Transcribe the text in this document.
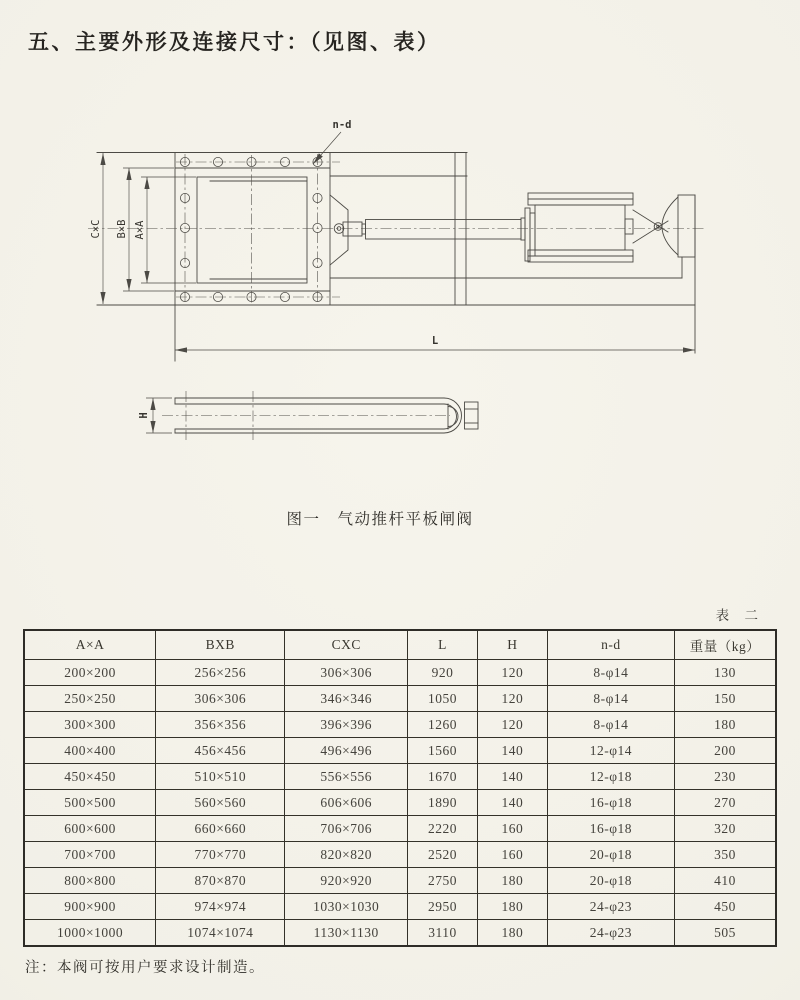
五、主要外形及连接尺寸：（见图、表）
C×C B×B A×A
L
n-d
H
图一　气动推杆平板闸阀
表 二
A×A	BXB	CXC	L	H	n-d	重量（kg）
200×200	256×256	306×306	920	120	8-φ14	130
250×250	306×306	346×346	1050	120	8-φ14	150
300×300	356×356	396×396	1260	120	8-φ14	180
400×400	456×456	496×496	1560	140	12-φ14	200
450×450	510×510	556×556	1670	140	12-φ18	230
500×500	560×560	606×606	1890	140	16-φ18	270
600×600	660×660	706×706	2220	160	16-φ18	320
700×700	770×770	820×820	2520	160	20-φ18	350
800×800	870×870	920×920	2750	180	20-φ18	410
900×900	974×974	1030×1030	2950	180	24-φ23	450
1000×1000	1074×1074	1130×1130	3110	180	24-φ23	505
注：本阀可按用户要求设计制造。
